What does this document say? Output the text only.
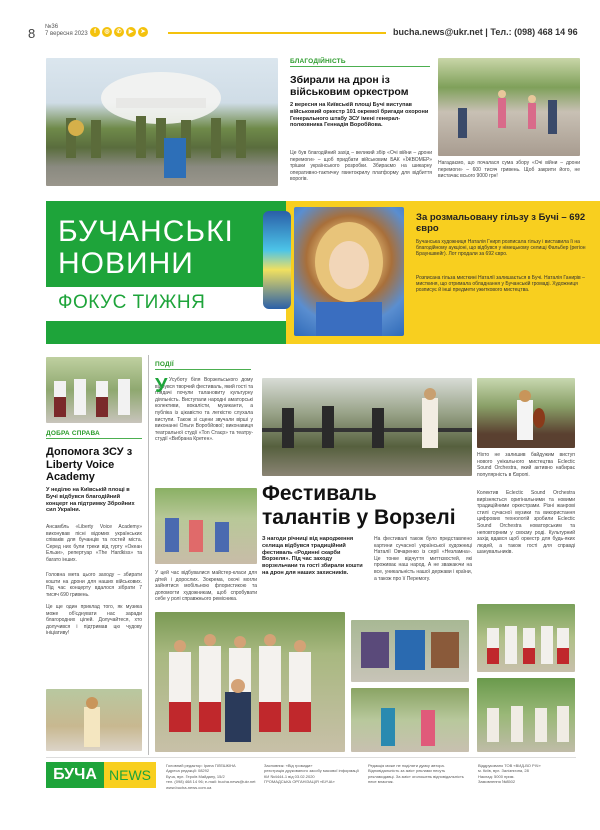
8 №36
7 вересня 2023	f	◎	✆	▶	➤	bucha.news@ukr.net | Тел.: (098) 468 14 96
БЛАГОДІЙНІСТЬ
Збирали на дрон із військовим оркестром
2 вересня на Київській площі Бучі виступав військовий оркестр 101 окремої бригади охорони Генерального штабу ЗСУ імені генерал-полковника Геннадія Воробйова.
Це був благодійний захід – великий збір «Очі війни – дрони перемоги» – щоб придбати військовим БАК «ЇЖВОМЕР» трішки українського розробки. Збираємо на шикарну оперативно-тактичну гвинтокрилу платформу для відбиття ворогів.
Нагадаємо, що почалася сума збору «Очі війни – дрони перемоги» – 600 тисяч гривень. Щоб закрити його, не вистачає всього 9000 грн!
БУЧАНСЬКІ
НОВИНИ
ФОКУС ТИЖНЯ
За розмальовану гільзу з Бучі – 692 євро
Бучанська художниця Наталія Гнирп розписала гільзу і виставила її на благодійному аукціоні, що відбувся у німецькому селищі Фальбер (регіон Брауншвейг). Лот продали за 692 євро.
Розписана гільза мисткині Наталії залишається в Бучі. Наталія Ганирів – мисткиня, що отримала обладнання у Бучанській громаді. Художниця розписує й інші предмети ужиткового мистецтва.
ДОБРА СПРАВА
Допомога ЗСУ з Liberty Voice Academy
У неділю на Київській площі в Бучі відбувся благодійний концерт на підтримку Збройних сил України.
Ансамбль «Liberty Voice Academy» виконував пісні відомих українських співаків для бучанців та гостей міста. Серед них були треки від гурту «Океан Ельзи», репертуар «The Hardkiss» та багато інших.
Головна мета цього заходу – збирати кошти на дрони для наших військових. Під час концерту вдалося зібрати 7 тисяч 690 гривень.
Це ще один приклад того, як музика може об'єднувати нас заради благородних цілей. Долучайтеся, хто долучився і підтримав цю чудову ініціативу!
ПОДІЇ
У Усуботу біля Ворзельського дому відбувся творчий фестиваль, який гості та глядачі почули талановиту культурну діяльність. Виступали народні аматорські колективи, вокалісти, музиканти, а публіка із цікавістю та легкістю слухала виступи. Також зі сцени звучали вірші у виконанні Ольги Воробйової; виконавиця театральної студії «Ton Стаєр» та театру-студії «Вибрана Кретен».
Фестиваль
талантів у Ворзелі
У цей час відбувалися майстер-класи для дітей і дорослих. Зокрема, охочі могли зайнятися мобільною флористикою та допомогти художникам, щоб спробувати себе у ролі справжнього ремісника.
З нагоди річниці від народження селища відбувся традиційний фестиваль «Родинні скарби Ворзеля». Під час заходу ворзельчани та гості збирали кошти на дрон для наших захисників.
На фестивалі також було представлено картини сучасної української художниці Наталії Овчаренко із серії «Незламна». Це тонке відчуття миттєвостей, які проживає наш народ. А не зважаючи на все, уникальність нашої держави і країни, а також про її Перемогу.
Ніхто не залишив байдужим виступ нового унікального мистецтва Eclectic Sound Orchestra, який активно набирає популярність в Європі.
Колектив Eclectic Sound Orchestra вирізняється оригінальними та новими традиційними оркестрами. Різні жанрові стилі сучасної музики та використання цифрових технологій зробили Eclectic Sound Orchestra новаторським та неповторним у своєму роді. Культурний захід вдався щоб оркестр для будь-яких людей, а також гості для справді шанувальників.
БУЧА NEWS
Головний редактор: Ірина ПЛЕШКІНА
Адреса редакції: 08292
Буча, вул. Героїв Майдану, 15/2
тел. (098) 468 14 96; e-mail: bucha.news@ukr.net
www.bucha-news.com.ua
Засновник: «Від громади»
реєстрація друкованого засобу масової інформації
КИ №4444-1 від 03.02.2020
ГРОМАДСЬКА ОРГАНІЗАЦІЯ «БУЧА»
Редакція може не поділяти думку автора. Відповідальність за зміст реклами несуть рекламодавці. За зміст оголошень відповідальність несе власник.
Віддруковано ТОВ «ВИД-ВО РІЧ»
м. Київ, вул. Залізнична, 28
Наклад: 5000 прим.
Замовлення №8502
